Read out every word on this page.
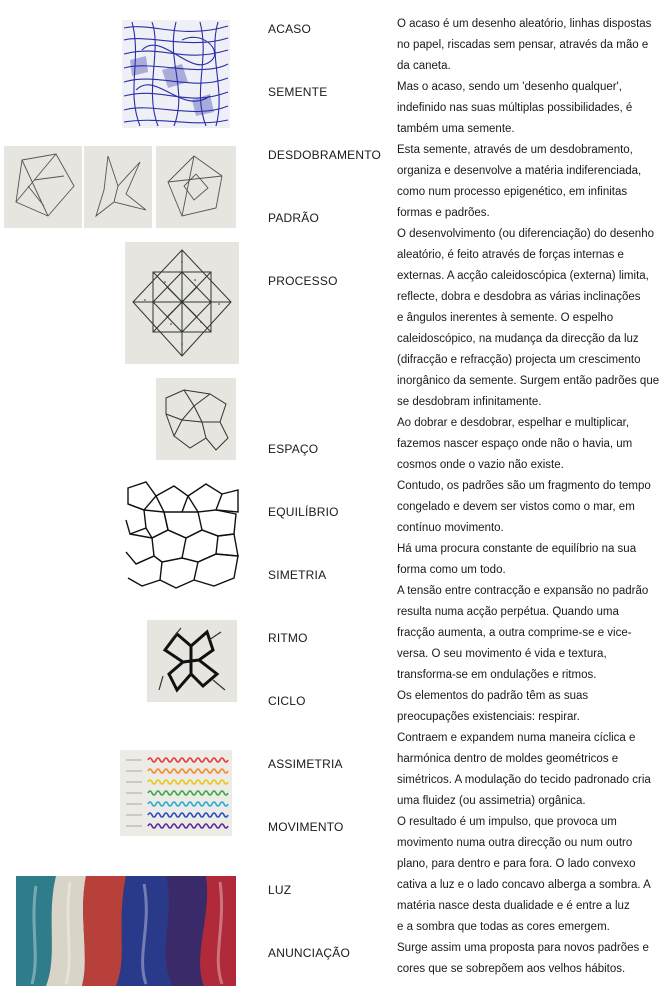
ACASO
SEMENTE
DESDOBRAMENTO
PADRÃO
PROCESSO
ESPAÇO
EQUILÍBRIO
SIMETRIA
RITMO
CICLO
ASSIMETRIA
MOVIMENTO
LUZ
ANUNCIAÇÃO
O acaso é um desenho aleatório, linhas dispostas
no papel, riscadas sem pensar, através da mão e
da caneta.
Mas o acaso, sendo um 'desenho qualquer',
indefinido nas suas múltiplas possibilidades, é
também uma semente.
Esta semente, através de um desdobramento,
organiza e desenvolve a matéria indiferenciada,
como num processo epigenético, em infinitas
formas e padrões.
O desenvolvimento (ou diferenciação) do desenho
aleatório, é feito através de forças internas e
externas. A acção caleidoscópica (externa) limita,
reflecte, dobra e desdobra as várias inclinações
e ângulos inerentes à semente. O espelho
caleidoscópico, na mudança da direcção da luz
(difracção e refracção) projecta um crescimento
inorgânico da semente. Surgem então padrões que
se desdobram infinitamente.
Ao dobrar e desdobrar, espelhar e multiplicar,
fazemos nascer espaço onde não o havia, um
cosmos onde o vazio não existe.
Contudo, os padrões são um fragmento do tempo
congelado e devem ser vistos como o mar, em
contínuo movimento.
Há uma procura constante de equilíbrio na sua
forma como um todo.
A tensão entre contracção e expansão no padrão
resulta numa acção perpétua. Quando uma
fracção aumenta, a outra comprime-se e vice-
versa. O seu movimento é vida e textura,
transforma-se em ondulações e ritmos.
Os elementos do padrão têm as suas
preocupações existenciais: respirar.
Contraem e expandem numa maneira cíclica e
harmónica dentro de moldes geométricos e
simétricos. A modulação do tecido padronado cria
uma fluidez (ou assimetria) orgânica.
O resultado é um impulso, que provoca um
movimento numa outra direcção ou num outro
plano, para dentro e para fora. O lado convexo
cativa a luz e o lado concavo alberga a sombra. A
matéria nasce desta dualidade e é entre a luz
e a sombra que todas as cores emergem.
Surge assim uma proposta para novos padrões e
cores que se sobrepõem aos velhos hábitos.
